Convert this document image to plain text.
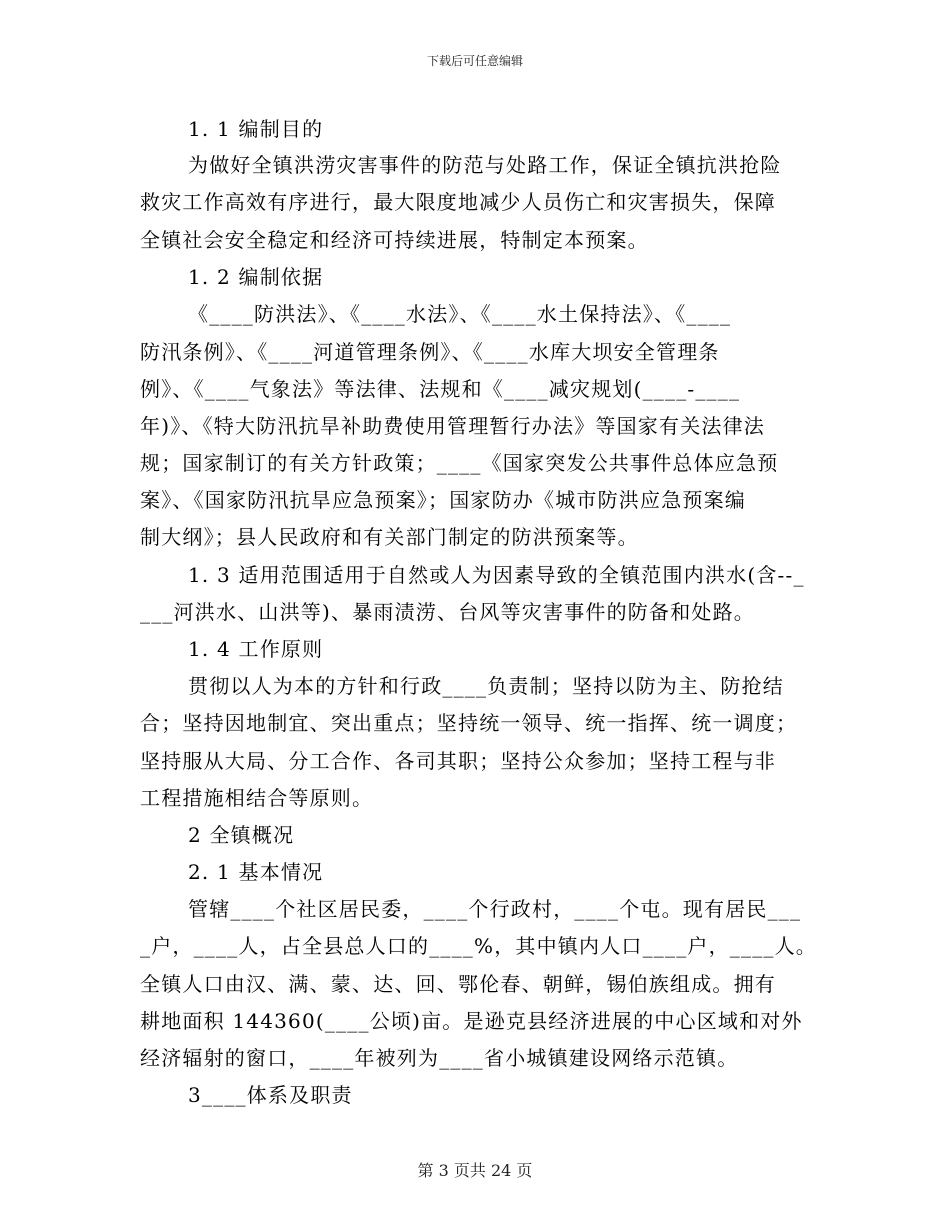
下载后可任意编辑
1. 1 编制目的
为做好全镇洪涝灾害事件的防范与处路工作，保证全镇抗洪抢险
救灾工作高效有序进行，最大限度地减少人员伤亡和灾害损失，保障
全镇社会安全稳定和经济可持续进展，特制定本预案。
1. 2 编制依据
《____防洪法》、《____水法》、《____水土保持法》、《____
防汛条例》、《____河道管理条例》、《____水库大坝安全管理条
例》、《____气象法》等法律、法规和《____减灾规划(____-____
年)》、《特大防汛抗旱补助费使用管理暂行办法》等国家有关法律法
规；国家制订的有关方针政策；____《国家突发公共事件总体应急预
案》、《国家防汛抗旱应急预案》；国家防办《城市防洪应急预案编
制大纲》；县人民政府和有关部门制定的防洪预案等。
1. 3 适用范围适用于自然或人为因素导致的全镇范围内洪水(含--_
___河洪水、山洪等)、暴雨渍涝、台风等灾害事件的防备和处路。
1. 4 工作原则
贯彻以人为本的方针和行政____负责制；坚持以防为主、防抢结
合；坚持因地制宜、突出重点；坚持统一领导、统一指挥、统一调度；
坚持服从大局、分工合作、各司其职；坚持公众参加；坚持工程与非
工程措施相结合等原则。
2 全镇概况
2. 1 基本情况
管辖____个社区居民委，____个行政村，____个屯。现有居民___
_户，____人，占全县总人口的____%，其中镇内人口____户，____人。
全镇人口由汉、满、蒙、达、回、鄂伦春、朝鲜，锡伯族组成。拥有
耕地面积 144360(____公顷)亩。是逊克县经济进展的中心区域和对外
经济辐射的窗口，____年被列为____省小城镇建设网络示范镇。
3____体系及职责
第 3 页共 24 页
